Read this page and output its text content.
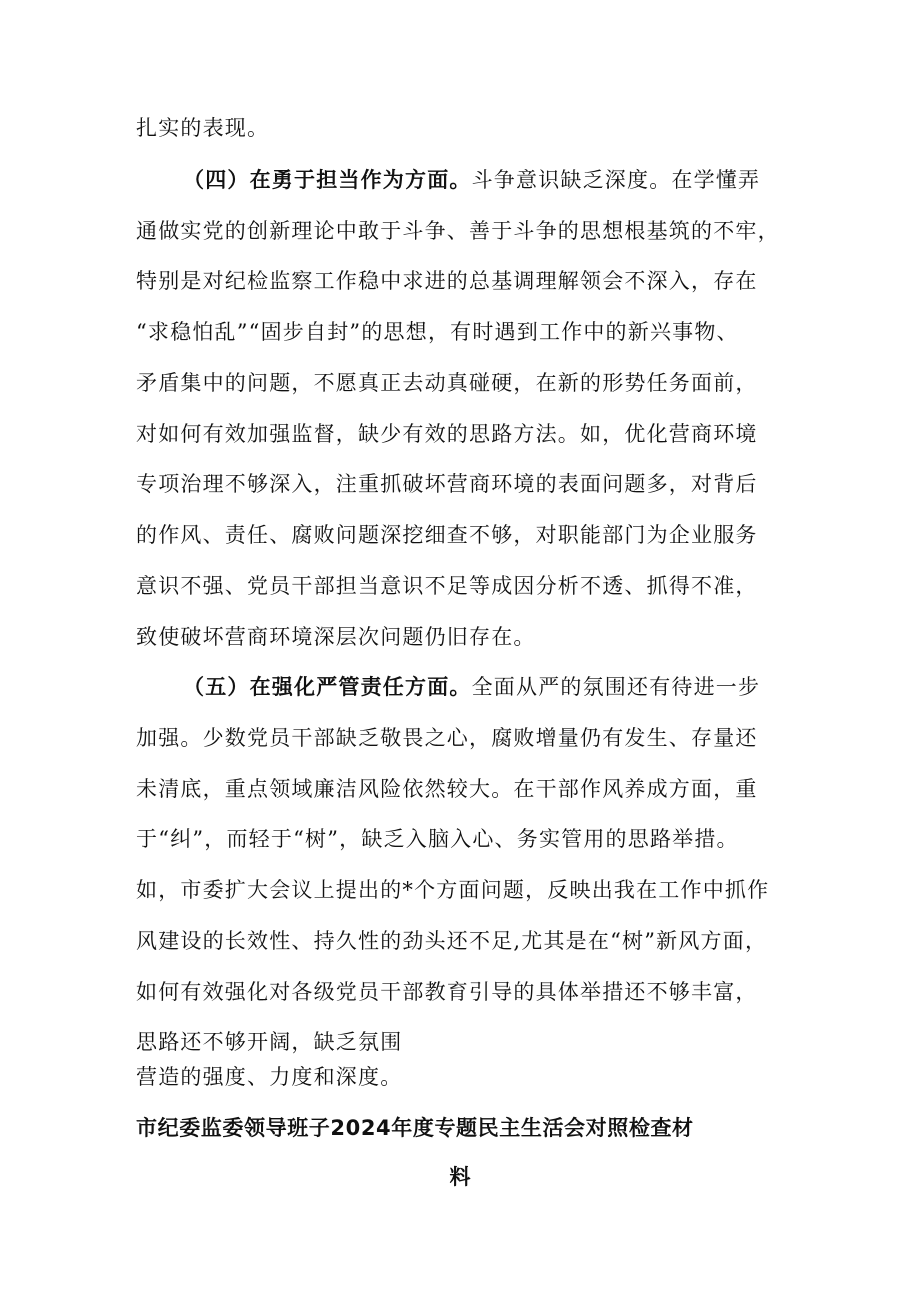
扎实的表现。
（四）在勇于担当作为方面。斗争意识缺乏深度。在学懂弄
通做实党的创新理论中敢于斗争、善于斗争的思想根基筑的不牢，
特别是对纪检监察工作稳中求进的总基调理解领会不深入，存在
“求稳怕乱”“固步自封”的思想，有时遇到工作中的新兴事物、
矛盾集中的问题，不愿真正去动真碰硬，在新的形势任务面前，
对如何有效加强监督，缺少有效的思路方法。如，优化营商环境
专项治理不够深入，注重抓破坏营商环境的表面问题多，对背后
的作风、责任、腐败问题深挖细查不够，对职能部门为企业服务
意识不强、党员干部担当意识不足等成因分析不透、抓得不准，
致使破坏营商环境深层次问题仍旧存在。
（五）在强化严管责任方面。全面从严的氛围还有待进一步
加强。少数党员干部缺乏敬畏之心，腐败增量仍有发生、存量还
未清底，重点领域廉洁风险依然较大。在干部作风养成方面，重
于“纠”，而轻于“树”，缺乏入脑入心、务实管用的思路举措。
如，市委扩大会议上提出的*个方面问题，反映出我在工作中抓作
风建设的长效性、持久性的劲头还不足,尤其是在“树”新风方面，
如何有效强化对各级党员干部教育引导的具体举措还不够丰富，
思路还不够开阔，缺乏氛围
营造的强度、力度和深度。
市纪委监委领导班子2024年度专题民主生活会对照检查材
料
